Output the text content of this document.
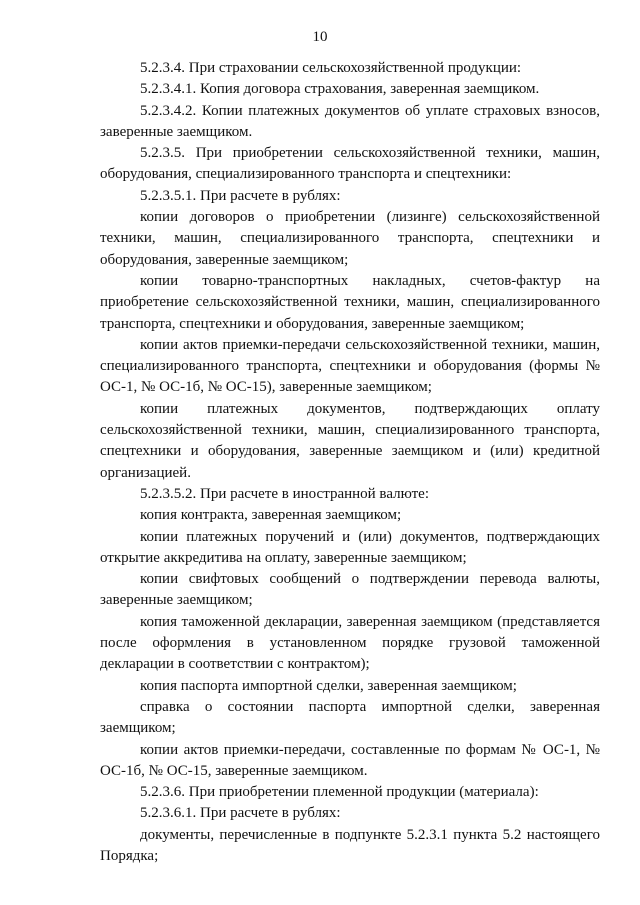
10

5.2.3.4. При страховании сельскохозяйственной продукции:

5.2.3.4.1. Копия договора страхования, заверенная заемщиком.

5.2.3.4.2. Копии платежных документов об уплате страховых взносов, заверенные заемщиком.

5.2.3.5. При приобретении сельскохозяйственной техники, машин, оборудования, специализированного транспорта и спецтехники:

5.2.3.5.1. При расчете в рублях:

копии договоров о приобретении (лизинге) сельскохозяйственной техники, машин, специализированного транспорта, спецтехники и оборудования, заверенные заемщиком;

копии товарно-транспортных накладных, счетов-фактур на приобретение сельскохозяйственной техники, машин, специализированного транспорта, спецтехники и оборудования, заверенные заемщиком;

копии актов приемки-передачи сельскохозяйственной техники, машин, специализированного транспорта, спецтехники и оборудования (формы № ОС-1, № ОС-1б, № ОС-15), заверенные заемщиком;

копии платежных документов, подтверждающих оплату сельскохозяйственной техники, машин, специализированного транспорта, спецтехники и оборудования, заверенные заемщиком и (или) кредитной организацией.

5.2.3.5.2. При расчете в иностранной валюте:

копия контракта, заверенная заемщиком;

копии платежных поручений и (или) документов, подтверждающих открытие аккредитива на оплату, заверенные заемщиком;

копии свифтовых сообщений о подтверждении перевода валюты, заверенные заемщиком;

копия таможенной декларации, заверенная заемщиком (представляется после оформления в установленном порядке грузовой таможенной декларации в соответствии с контрактом);

копия паспорта импортной сделки, заверенная заемщиком;

справка о состоянии паспорта импортной сделки, заверенная заемщиком;

копии актов приемки-передачи, составленные по формам № ОС-1, № ОС-1б, № ОС-15, заверенные заемщиком.

5.2.3.6. При приобретении племенной продукции (материала):

5.2.3.6.1. При расчете в рублях:

документы, перечисленные в подпункте 5.2.3.1 пункта 5.2 настоящего Порядка;
